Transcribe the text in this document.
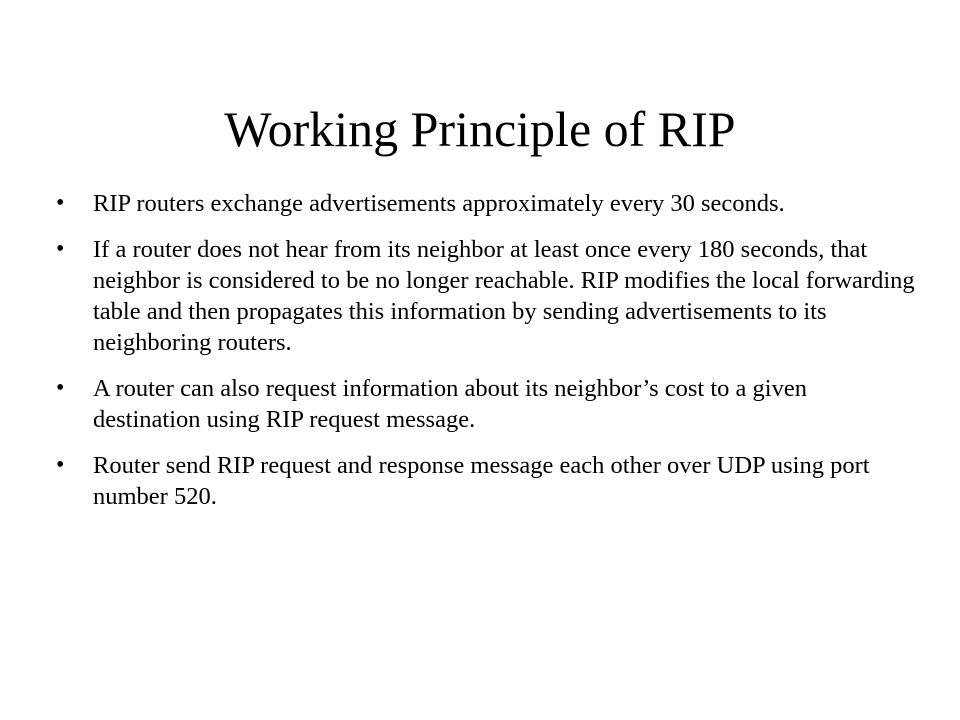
Working Principle of RIP
•	RIP routers exchange advertisements approximately every 30 seconds.
•	If a router does not hear from its neighbor at least once every 180 seconds, that neighbor is considered to be no longer reachable. RIP modifies the local forwarding table and then propagates this information by sending advertisements to its neighboring routers.
•	A router can also request information about its neighbor’s cost to a given destination using RIP request message.
•	Router send RIP request and response message each other over UDP using port number 520.
